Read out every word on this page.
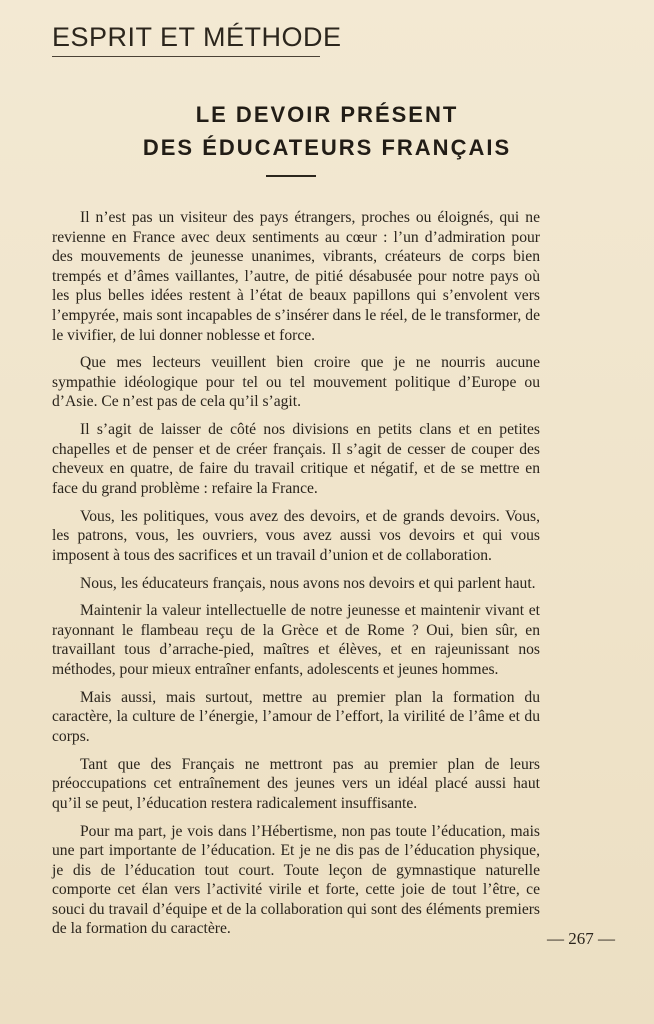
ESPRIT ET MÉTHODE
LE DEVOIR PRÉSENT
DES ÉDUCATEURS FRANÇAIS

Il n’est pas un visiteur des pays étrangers, proches ou éloignés, qui ne revienne en France avec deux sentiments au cœur : l’un d’admiration pour des mouvements de jeunesse unanimes, vibrants, créateurs de corps bien trempés et d’âmes vaillantes, l’autre, de pitié désabusée pour notre pays où les plus belles idées restent à l’état de beaux papillons qui s’envolent vers l’empyrée, mais sont incapables de s’insérer dans le réel, de le transformer, de le vivifier, de lui donner noblesse et force.

Que mes lecteurs veuillent bien croire que je ne nourris aucune sympathie idéologique pour tel ou tel mouvement politique d’Europe ou d’Asie. Ce n’est pas de cela qu’il s’agit.

Il s’agit de laisser de côté nos divisions en petits clans et en petites chapelles et de penser et de créer français. Il s’agit de cesser de couper des cheveux en quatre, de faire du travail critique et négatif, et de se mettre en face du grand problème : refaire la France.

Vous, les politiques, vous avez des devoirs, et de grands devoirs. Vous, les patrons, vous, les ouvriers, vous avez aussi vos devoirs et qui vous imposent à tous des sacrifices et un travail d’union et de collaboration.

Nous, les éducateurs français, nous avons nos devoirs et qui parlent haut.

Maintenir la valeur intellectuelle de notre jeunesse et maintenir vivant et rayonnant le flambeau reçu de la Grèce et de Rome ? Oui, bien sûr, en travaillant tous d’arrache-pied, maîtres et élèves, et en rajeunissant nos méthodes, pour mieux entraîner enfants, adolescents et jeunes hommes.

Mais aussi, mais surtout, mettre au premier plan la formation du caractère, la culture de l’énergie, l’amour de l’effort, la virilité de l’âme et du corps.

Tant que des Français ne mettront pas au premier plan de leurs préoccupations cet entraînement des jeunes vers un idéal placé aussi haut qu’il se peut, l’éducation restera radicalement insuffisante.

Pour ma part, je vois dans l’Hébertisme, non pas toute l’éducation, mais une part importante de l’éducation. Et je ne dis pas de l’éducation physique, je dis de l’éducation tout court. Toute leçon de gymnastique naturelle comporte cet élan vers l’activité virile et forte, cette joie de tout l’être, ce souci du travail d’équipe et de la collaboration qui sont des éléments premiers de la formation du caractère.

— 267 —
